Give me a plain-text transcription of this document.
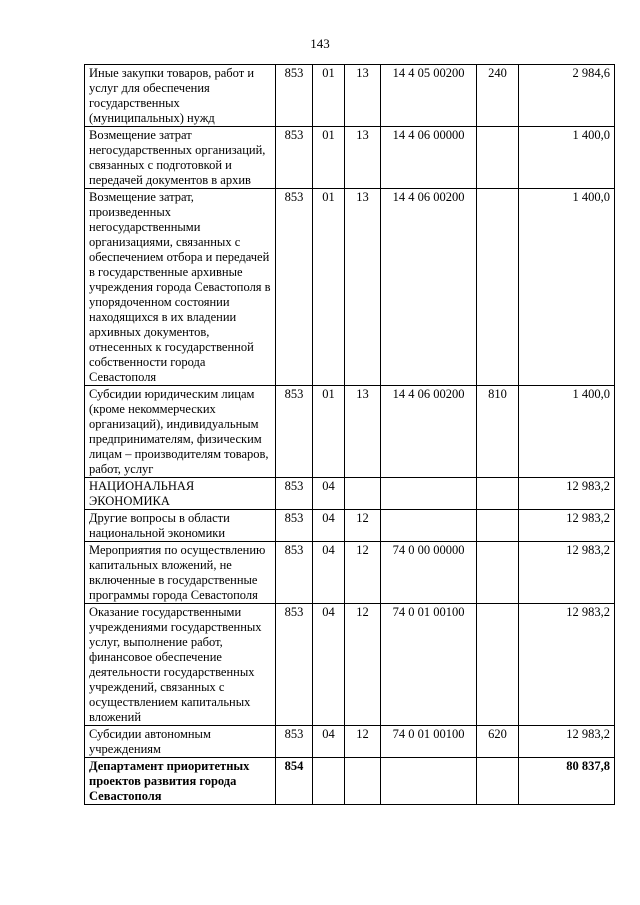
143
Иные закупки товаров, работ и услуг для обеспечения государственных (муниципальных) нужд	853	01	13	14 4 05 00200	240	2 984,6
Возмещение затрат негосударственных организаций, связанных с подготовкой и передачей документов в архив	853	01	13	14 4 06 00000		1 400,0
Возмещение затрат, произведенных негосударственными организациями, связанных с обеспечением отбора и передачей в государственные архивные учреждения города Севастополя в упорядоченном состоянии находящихся в их владении архивных документов, отнесенных к государственной собственности города Севастополя	853	01	13	14 4 06 00200		1 400,0
Субсидии юридическим лицам (кроме некоммерческих организаций), индивидуальным предпринимателям, физическим лицам – производителям товаров, работ, услуг	853	01	13	14 4 06 00200	810	1 400,0
НАЦИОНАЛЬНАЯ ЭКОНОМИКА	853	04				12 983,2
Другие вопросы в области национальной экономики	853	04	12			12 983,2
Мероприятия по осуществлению капитальных вложений, не включенные в государственные программы города Севастополя	853	04	12	74 0 00 00000		12 983,2
Оказание государственными учреждениями государственных услуг, выполнение работ, финансовое обеспечение деятельности государственных учреждений, связанных с осуществлением капитальных вложений	853	04	12	74 0 01 00100		12 983,2
Субсидии автономным учреждениям	853	04	12	74 0 01 00100	620	12 983,2
Департамент приоритетных проектов развития города Севастополя	854					80 837,8
